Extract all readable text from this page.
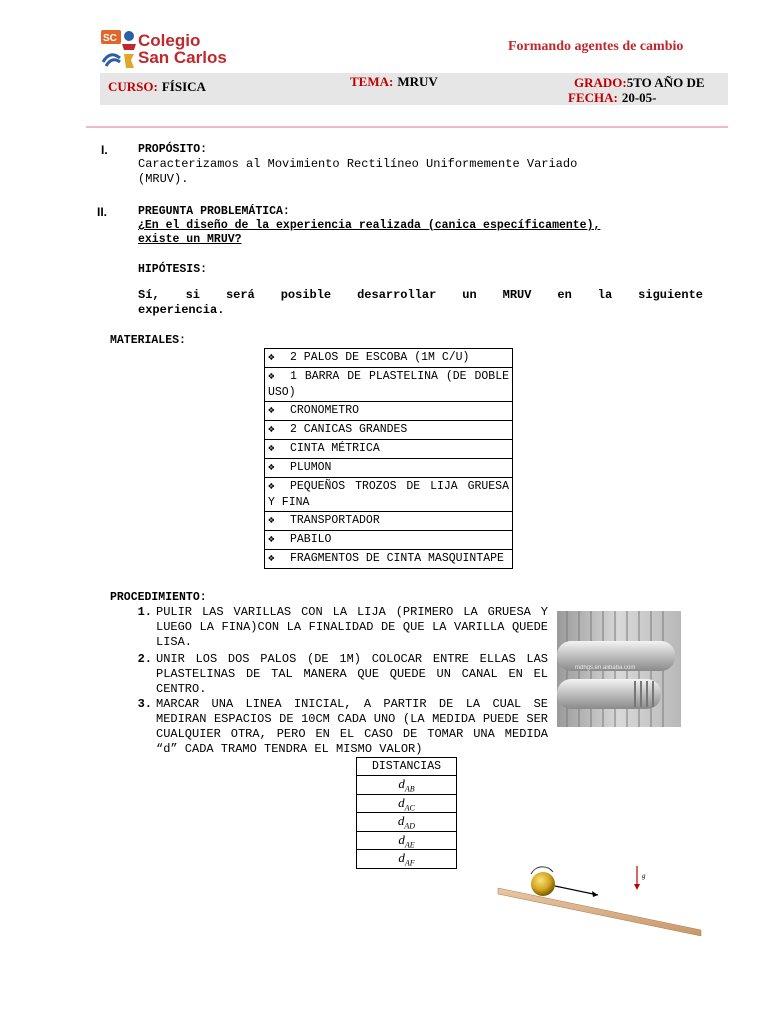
SC Colegio
San Carlos
Formando agentes de cambio
CURSO: FÍSICA	TEMA: MRUV	GRADO:5TO AÑO DE
FECHA: 20-05-
I.	PROPÓSITO:
Caracterizamos al Movimiento Rectilíneo Uniformemente Variado
(MRUV).
II.	PREGUNTA PROBLEMÁTICA:
¿En el diseño de la experiencia realizada (canica específicamente),
existe un MRUV?
HIPÓTESIS:
Sí, si será posible desarrollar un MRUV en la siguiente
experiencia.
MATERIALES:
❖ 2 PALOS DE ESCOBA (1M C/U)
❖ 1 BARRA DE PLASTELINA (DE DOBLE USO)
❖ CRONOMETRO
❖ 2 CANICAS GRANDES
❖ CINTA MÉTRICA
❖ PLUMON
❖ PEQUEÑOS TROZOS DE LIJA GRUESA Y FINA
❖ TRANSPORTADOR
❖ PABILO
❖ FRAGMENTOS DE CINTA MASQUINTAPE
PROCEDIMIENTO:
1. PULIR LAS VARILLAS CON LA LIJA (PRIMERO LA GRUESA Y LUEGO LA FINA)CON LA FINALIDAD DE QUE LA VARILLA QUEDE LISA.
2. UNIR LOS DOS PALOS (DE 1M) COLOCAR ENTRE ELLAS LAS PLASTELINAS DE TAL MANERA QUE QUEDE UN CANAL EN EL CENTRO.
3. MARCAR UNA LINEA INICIAL, A PARTIR DE LA CUAL SE MEDIRAN ESPACIOS DE 10CM CADA UNO (LA MEDIDA PUEDE SER CUALQUIER OTRA, PERO EN EL CASO DE TOMAR UNA MEDIDA “d” CADA TRAMO TENDRA EL MISMO VALOR)
mdhgs.en.alibaba.com
DISTANCIAS
$d_{AB}$
$d_{AC}$
$d_{AD}$
$d_{AE}$
$d_{AF}$
g
